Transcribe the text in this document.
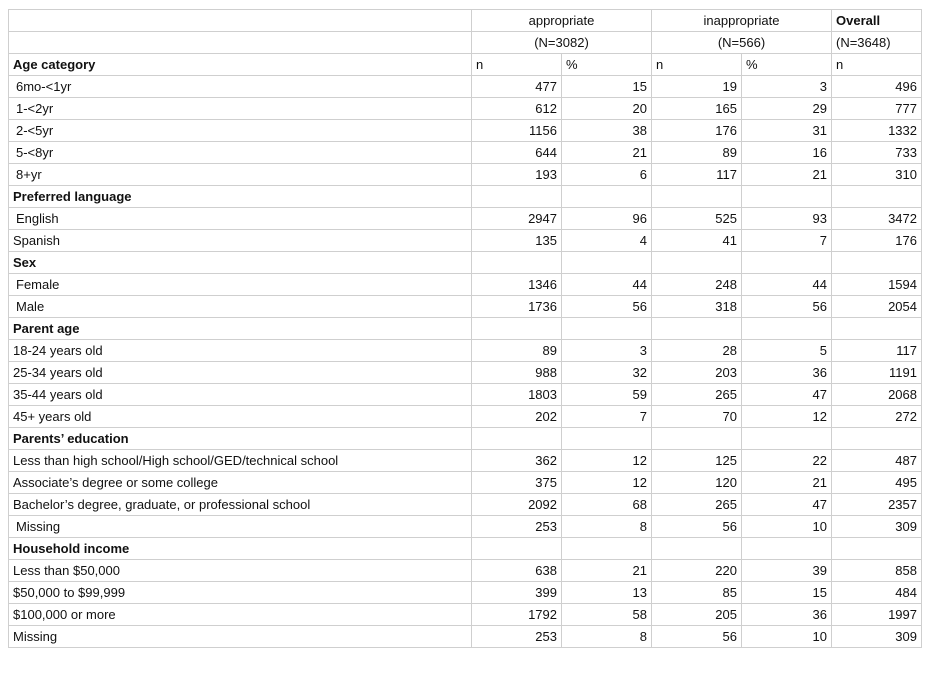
	appropriate		inappropriate		Overall
	(N=3082)		(N=566)		(N=3648)
Age category	n	%	n	%	n
6mo-<1yr	477	15	19	3	496
1-<2yr	612	20	165	29	777
2-<5yr	1156	38	176	31	1332
5-<8yr	644	21	89	16	733
8+yr	193	6	117	21	310
Preferred language					
English	2947	96	525	93	3472
Spanish	135	4	41	7	176
Sex					
Female	1346	44	248	44	1594
Male	1736	56	318	56	2054
Parent age					
18-24 years old	89	3	28	5	117
25-34 years old	988	32	203	36	1191
35-44 years old	1803	59	265	47	2068
45+ years old	202	7	70	12	272
Parents’ education					
Less than high school/High school/GED/technical school	362	12	125	22	487
Associate’s degree or some college	375	12	120	21	495
Bachelor’s degree, graduate, or professional school	2092	68	265	47	2357
Missing	253	8	56	10	309
Household income					
Less than $50,000	638	21	220	39	858
$50,000 to $99,999	399	13	85	15	484
$100,000 or more	1792	58	205	36	1997
Missing	253	8	56	10	309
